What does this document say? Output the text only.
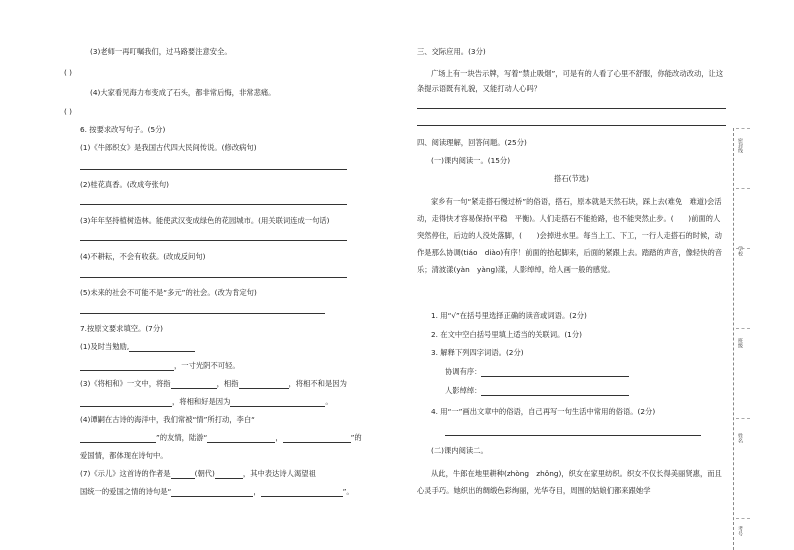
(3)老师一再叮嘱我们，过马路要注意安全。
( )
(4)大家看见海力布变成了石头，都非常后悔，非常悲痛。
( )
6. 按要求改写句子。(5分)
(1)《牛郎织女》是我国古代四大民间传说。(修改病句)
(2)桂花真香。(改成夸张句)
(3)年年坚持植树造林。能使武汉变成绿色的花园城市。(用关联词连成一句话)
(4)不耕耘，不会有收获。(改成反问句)
(5)未来的社会不可能不是“多元”的社会。(改为肯定句)
7.按原文要求填空。(7分)
(1)及时当勉励,
，一寸光阴不可轻。
(3)《将相和》一文中，将指	，相指	，将相不和是因为
，将相和好是因为	。
(4)谭嗣在古诗的海洋中，我们常被“情”所打动，李白“
”的友情，陆游“	，	”的
爱国情，都体现在诗句中。
(7)《示儿》这首诗的作者是	(朝代)	，其中表达诗人渴望祖
国统一的爱国之情的诗句是“	，	”。
三、交际应用。(3分)
广场上有一块告示牌，写着“禁止吸烟”，可是有的人看了心里不舒服，你能改动改动，让这条提示语既有礼貌，又能打动人心吗？
四、阅读理解，回答问题。(25分)
(一)课内阅读一。(15分)
搭石(节选)
家乡有一句“紧走搭石慢过桥”的俗语，搭石，原本就是天然石块，踩上去(难免　难道)会活动，走得快才容易保持(平稳　平衡)。人们走搭石不能抢路，也不能突然止步。(　　)前面的人突然停住，后边的人没处落脚，(　　)会掉进水里。每当上工、下工，一行人走搭石的时候，动作是那么协调(tiáo　diào)有序！前面的抬起脚来，后面的紧跟上去。踏踏的声音，像轻快的音乐；清波漾(yàn　yàng)漾，人影绰绰，给人画一般的感觉。
1. 用“√”在括号里选择正确的读音或词语。(2分)
2. 在文中空白括号里填上适当的关联词。(1分)
3. 解释下列四字词语。(2分)
协调有序：
人影绰绰：
4. 用“一”画出文章中的俗语，自己再写一句生活中常用的俗语。(2分)
(二)课内阅读二。
从此，牛郎在地里耕种(zhòng　zhǒng)，织女在家里纺织。织女不仅长得美丽贤惠，而且心灵手巧。她织出的绸缎色彩绚丽，光华夺目，周围的姑娘们都来跟她学
密封线
学校
班级
姓名
考号
